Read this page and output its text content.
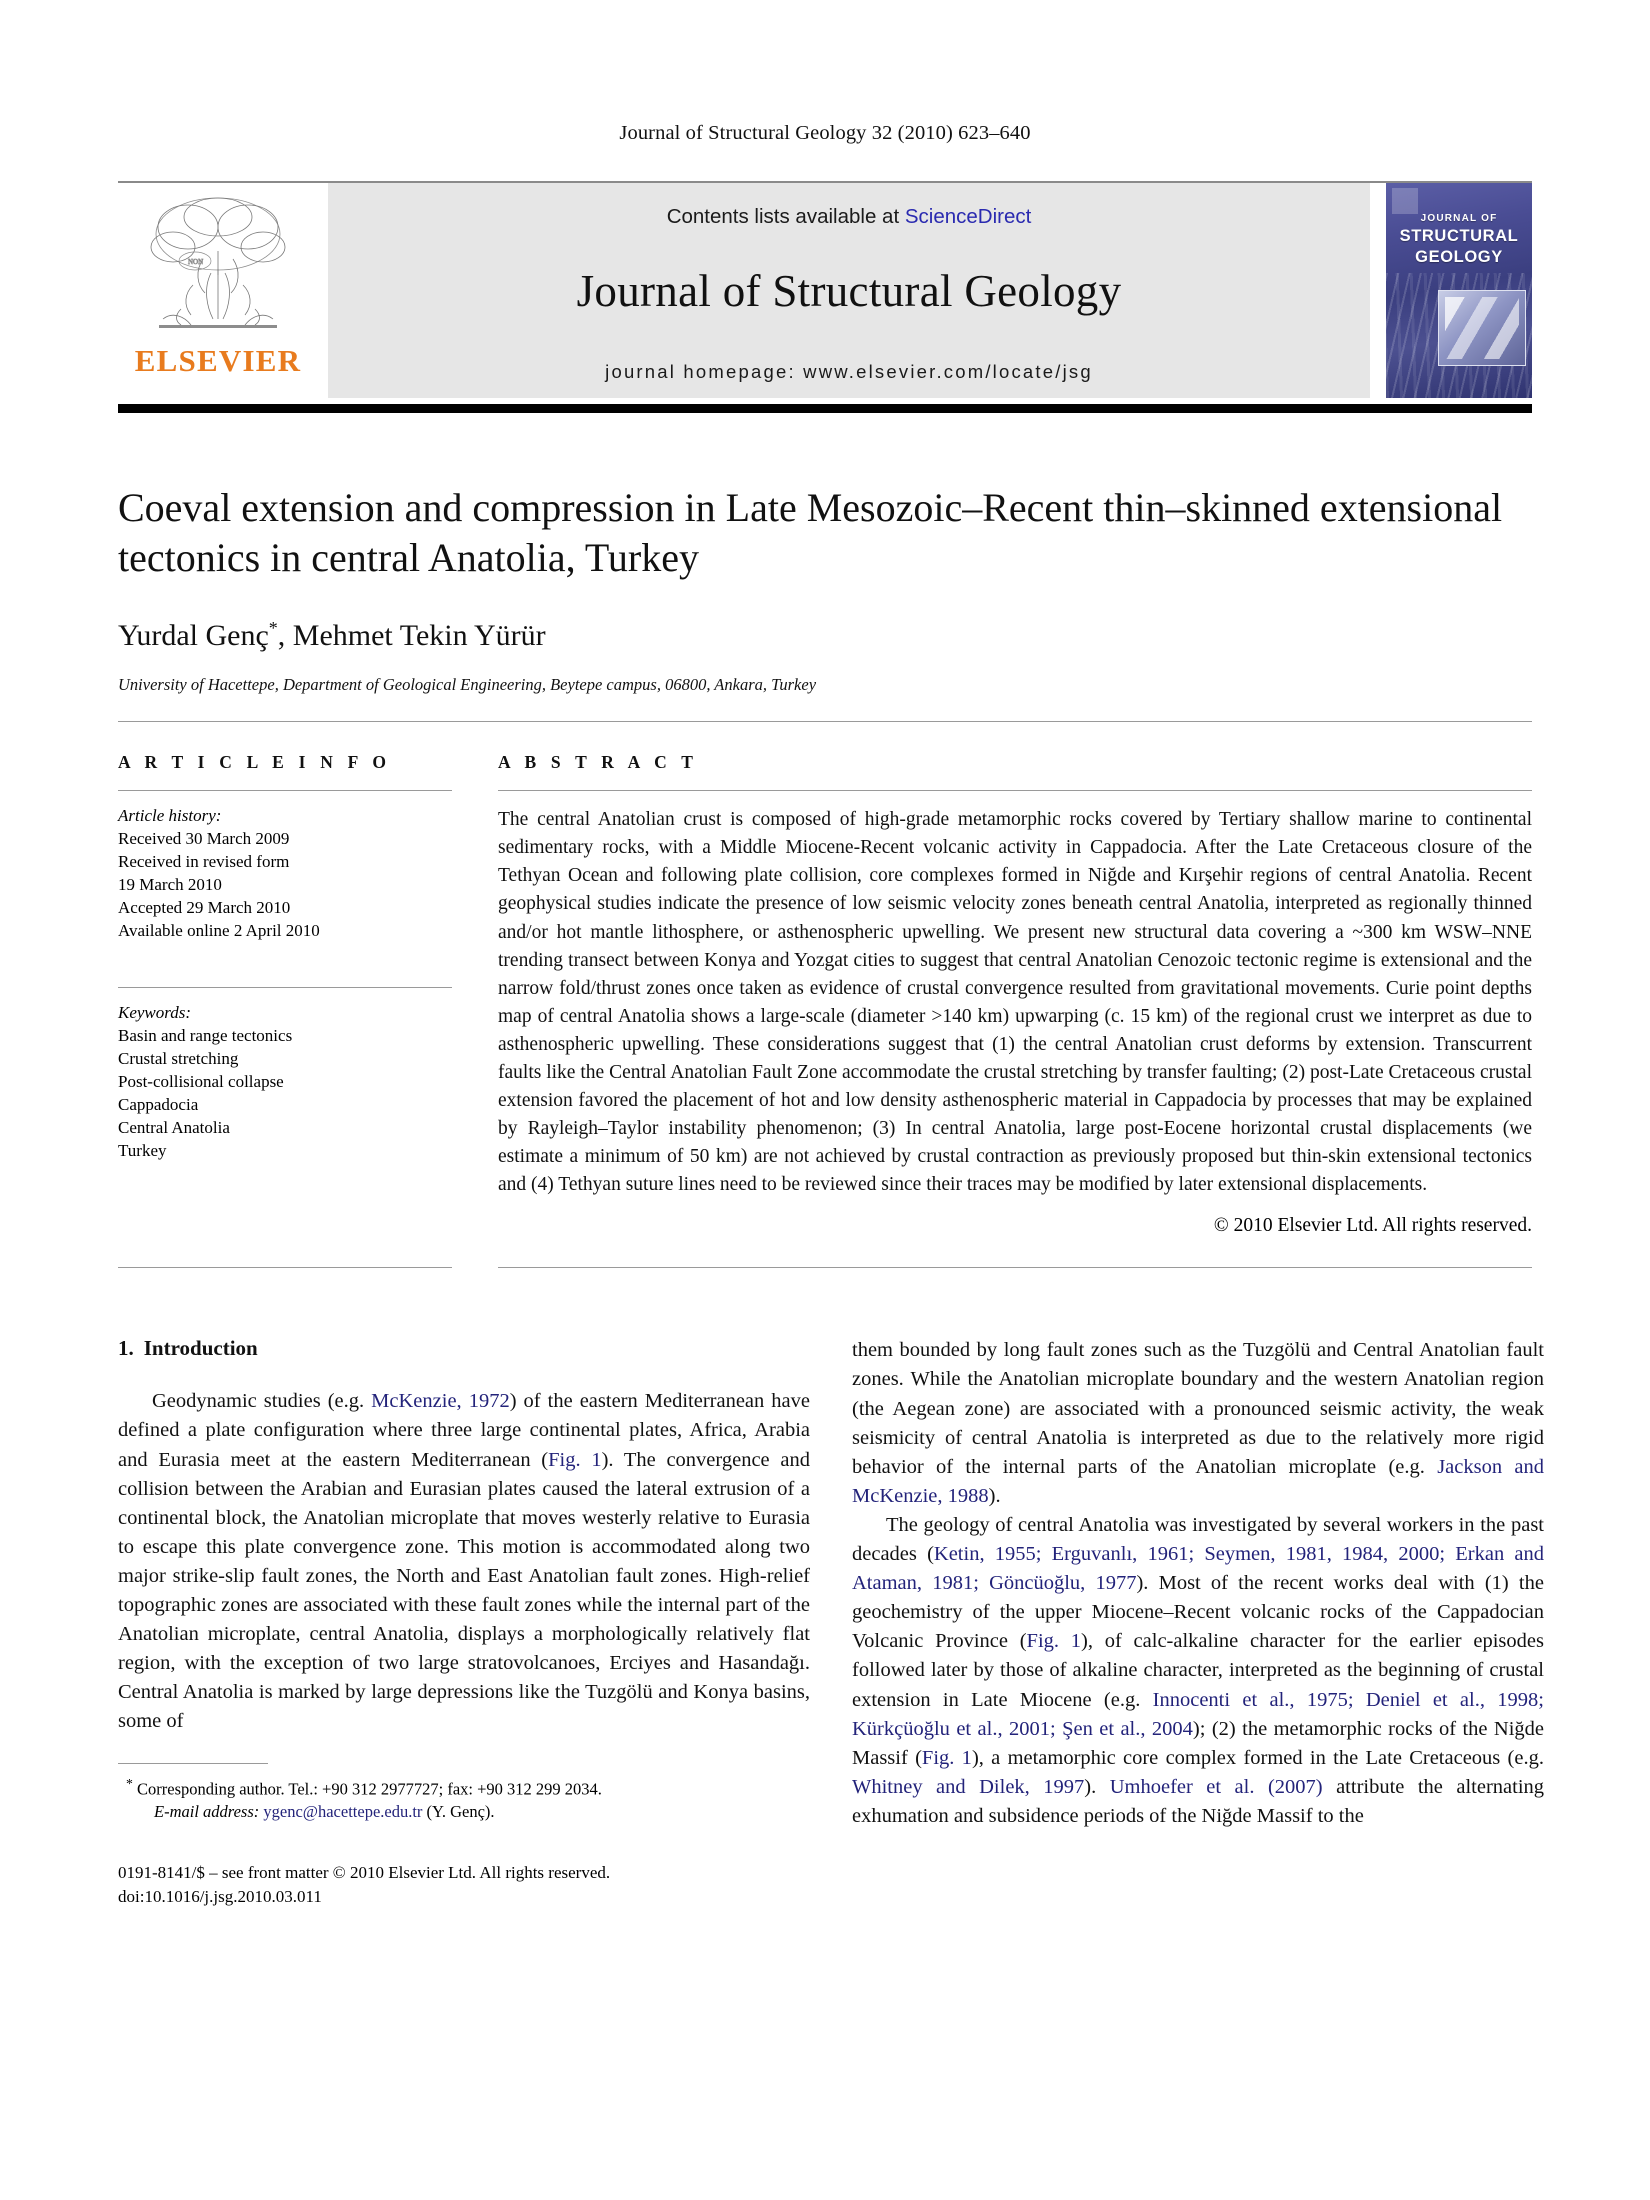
Journal of Structural Geology 32 (2010) 623–640
NON
ELSEVIER
Contents lists available at ScienceDirect
Journal of Structural Geology
journal homepage: www.elsevier.com/locate/jsg
JOURNAL OF
STRUCTURAL
GEOLOGY
Coeval extension and compression in Late Mesozoic–Recent thin–skinned extensional tectonics in central Anatolia, Turkey
Yurdal Genç*, Mehmet Tekin Yürür
University of Hacettepe, Department of Geological Engineering, Beytepe campus, 06800, Ankara, Turkey
A R T I C L E I N F O
Article history:
Received 30 March 2009
Received in revised form
19 March 2010
Accepted 29 March 2010
Available online 2 April 2010
Keywords:
Basin and range tectonics
Crustal stretching
Post-collisional collapse
Cappadocia
Central Anatolia
Turkey
A B S T R A C T
The central Anatolian crust is composed of high-grade metamorphic rocks covered by Tertiary shallow marine to continental sedimentary rocks, with a Middle Miocene-Recent volcanic activity in Cappadocia. After the Late Cretaceous closure of the Tethyan Ocean and following plate collision, core complexes formed in Niğde and Kırşehir regions of central Anatolia. Recent geophysical studies indicate the presence of low seismic velocity zones beneath central Anatolia, interpreted as regionally thinned and/or hot mantle lithosphere, or asthenospheric upwelling. We present new structural data covering a ~300 km WSW–NNE trending transect between Konya and Yozgat cities to suggest that central Anatolian Cenozoic tectonic regime is extensional and the narrow fold/thrust zones once taken as evidence of crustal convergence resulted from gravitational movements. Curie point depths map of central Anatolia shows a large-scale (diameter >140 km) upwarping (c. 15 km) of the regional crust we interpret as due to asthenospheric upwelling. These considerations suggest that (1) the central Anatolian crust deforms by extension. Transcurrent faults like the Central Anatolian Fault Zone accommodate the crustal stretching by transfer faulting; (2) post-Late Cretaceous crustal extension favored the placement of hot and low density asthenospheric material in Cappadocia by processes that may be explained by Rayleigh–Taylor instability phenomenon; (3) In central Anatolia, large post-Eocene horizontal crustal displacements (we estimate a minimum of 50 km) are not achieved by crustal contraction as previously proposed but thin-skin extensional tectonics and (4) Tethyan suture lines need to be reviewed since their traces may be modified by later extensional displacements.
© 2010 Elsevier Ltd. All rights reserved.
1. Introduction

Geodynamic studies (e.g. McKenzie, 1972) of the eastern Mediterranean have defined a plate configuration where three large continental plates, Africa, Arabia and Eurasia meet at the eastern Mediterranean (Fig. 1). The convergence and collision between the Arabian and Eurasian plates caused the lateral extrusion of a continental block, the Anatolian microplate that moves westerly relative to Eurasia to escape this plate convergence zone. This motion is accommodated along two major strike-slip fault zones, the North and East Anatolian fault zones. High-relief topographic zones are associated with these fault zones while the internal part of the Anatolian microplate, central Anatolia, displays a morphologically relatively flat region, with the exception of two large stratovolcanoes, Erciyes and Hasandağı. Central Anatolia is marked by large depressions like the Tuzgölü and Konya basins, some of

* Corresponding author. Tel.: +90 312 2977727; fax: +90 312 299 2034.
E-mail address: ygenc@hacettepe.edu.tr (Y. Genç).
0191-8141/$ – see front matter © 2010 Elsevier Ltd. All rights reserved.
doi:10.1016/j.jsg.2010.03.011

them bounded by long fault zones such as the Tuzgölü and Central Anatolian fault zones. While the Anatolian microplate boundary and the western Anatolian region (the Aegean zone) are associated with a pronounced seismic activity, the weak seismicity of central Anatolia is interpreted as due to the relatively more rigid behavior of the internal parts of the Anatolian microplate (e.g. Jackson and McKenzie, 1988).

The geology of central Anatolia was investigated by several workers in the past decades (Ketin, 1955; Erguvanlı, 1961; Seymen, 1981, 1984, 2000; Erkan and Ataman, 1981; Göncüoğlu, 1977). Most of the recent works deal with (1) the geochemistry of the upper Miocene–Recent volcanic rocks of the Cappadocian Volcanic Province (Fig. 1), of calc-alkaline character for the earlier episodes followed later by those of alkaline character, interpreted as the beginning of crustal extension in Late Miocene (e.g. Innocenti et al., 1975; Deniel et al., 1998; Kürkçüoğlu et al., 2001; Şen et al., 2004); (2) the metamorphic rocks of the Niğde Massif (Fig. 1), a metamorphic core complex formed in the Late Cretaceous (e.g. Whitney and Dilek, 1997). Umhoefer et al. (2007) attribute the alternating exhumation and subsidence periods of the Niğde Massif to the
